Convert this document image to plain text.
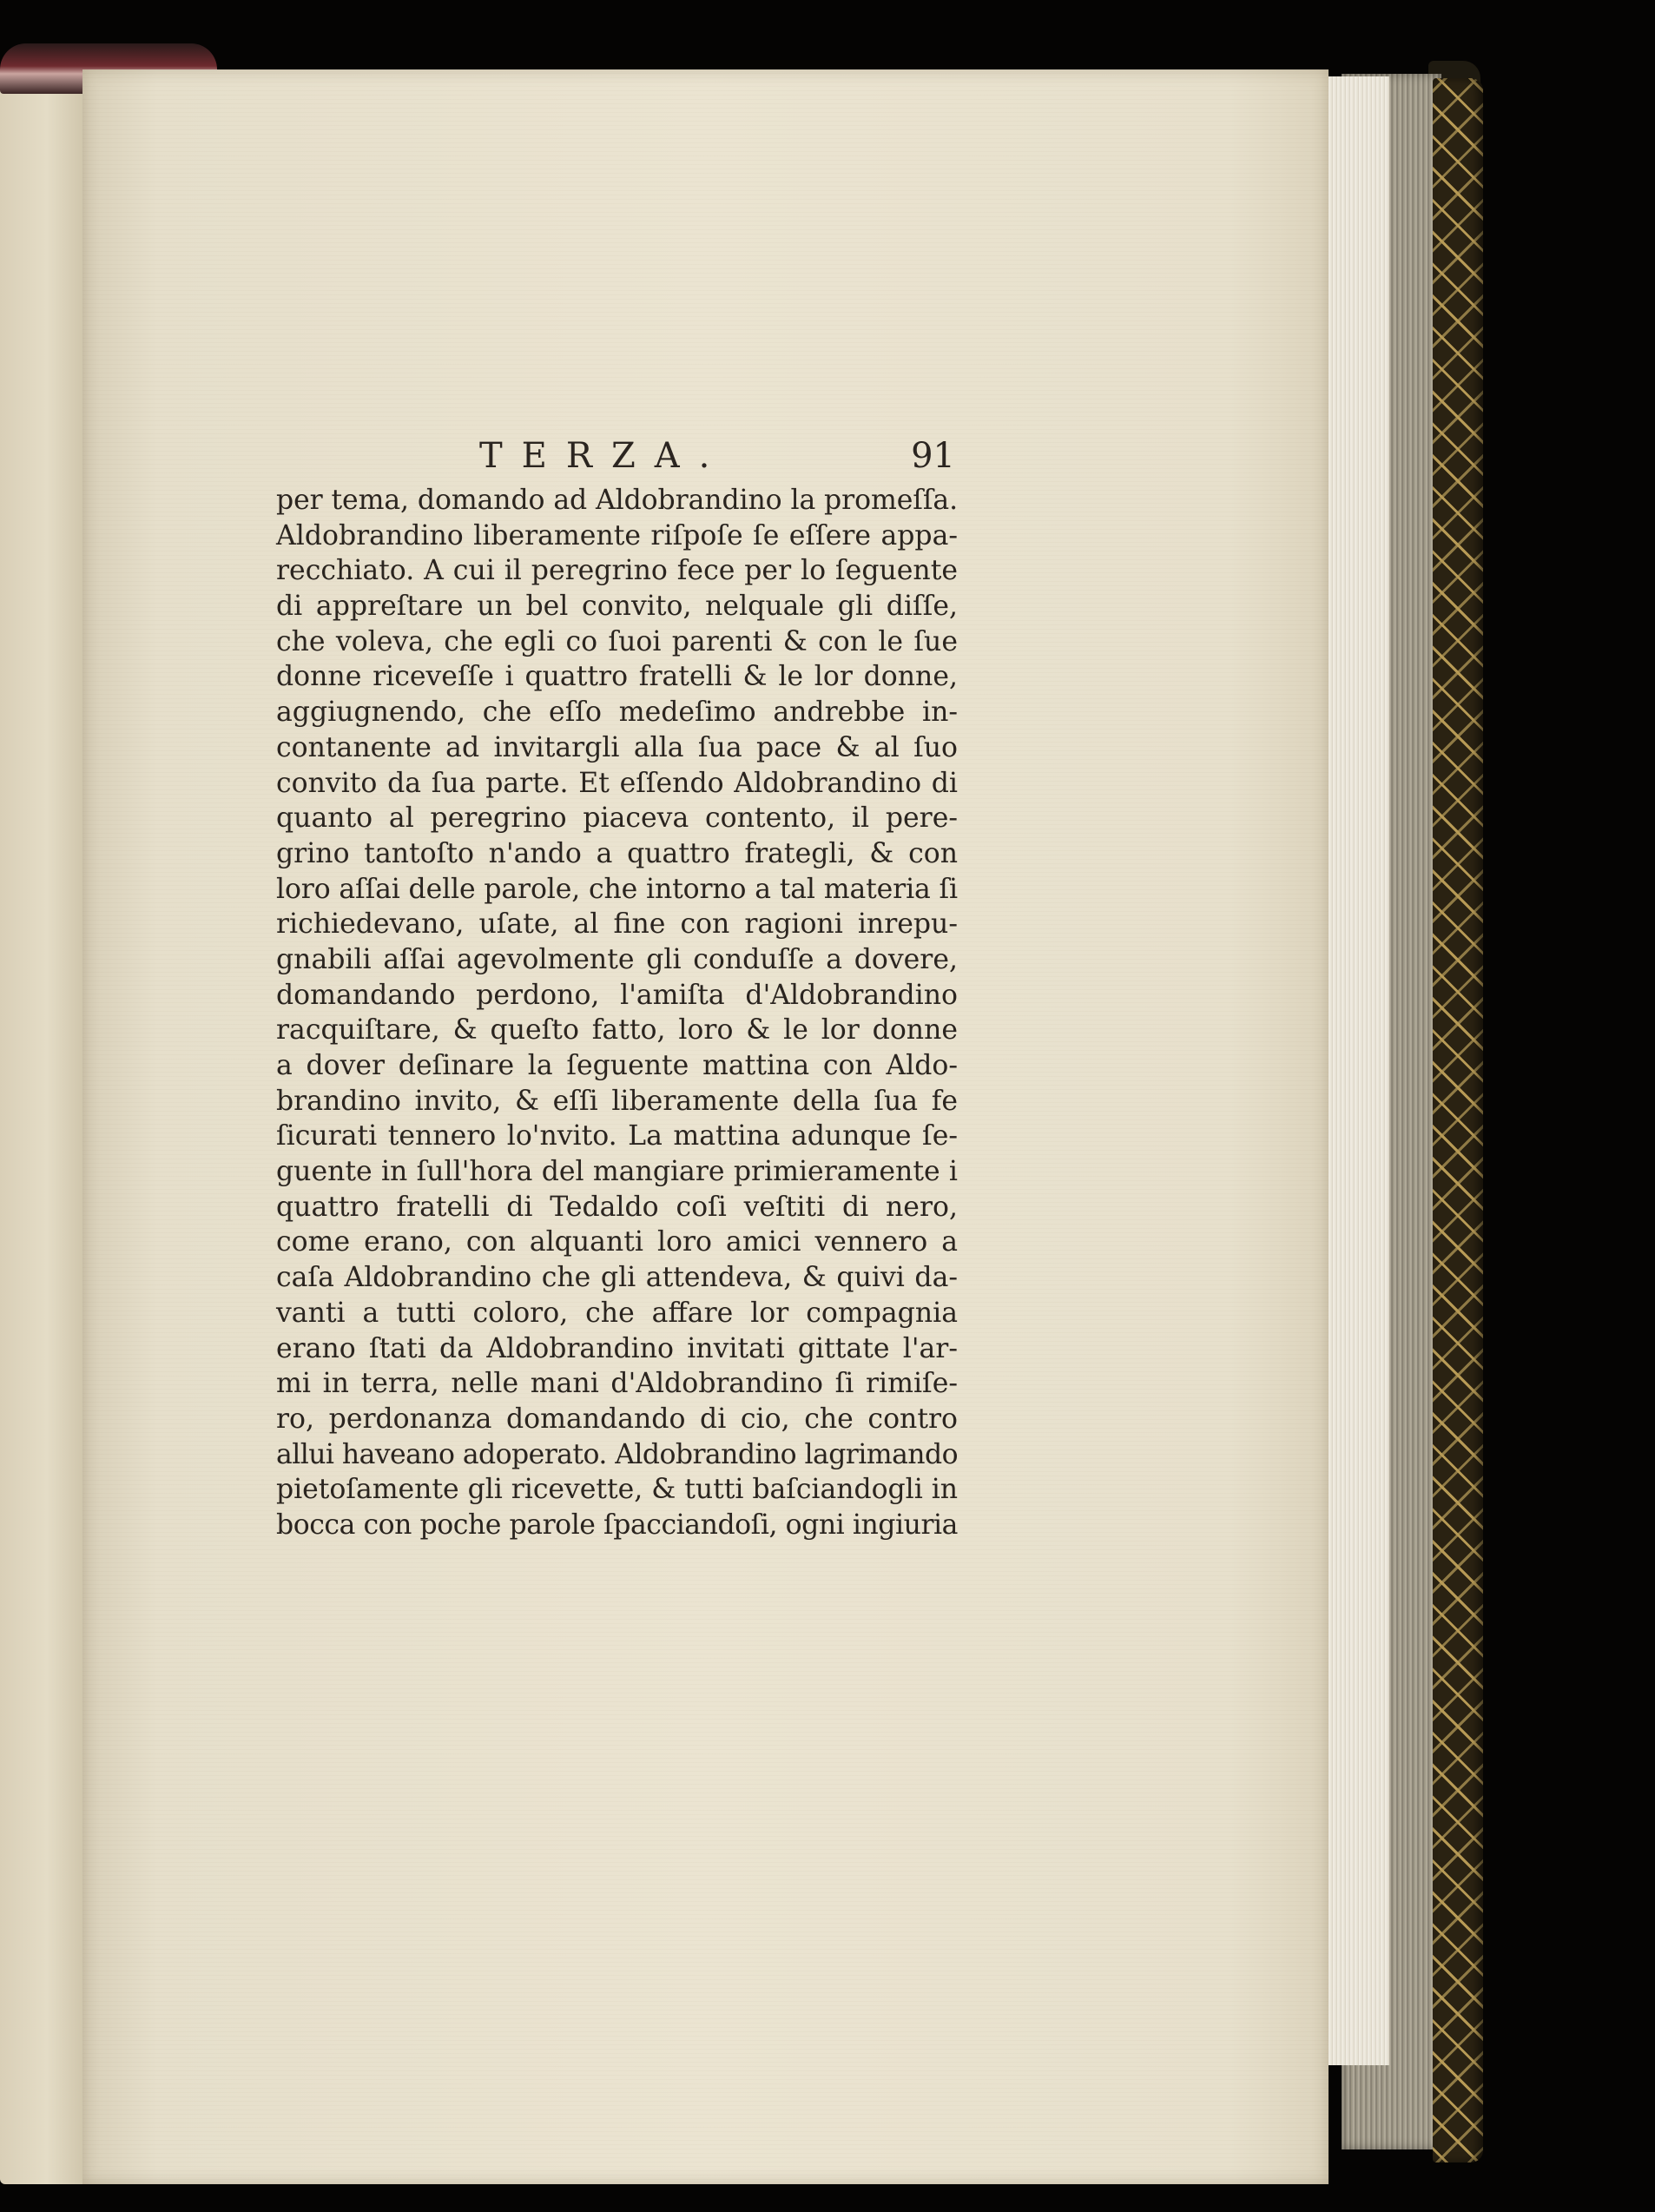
TERZA.	91
per tema, domando ad Aldobrandino la promeſſa.
Aldobrandino liberamente riſpoſe ſe eſſere appa-
recchiato. A cui il peregrino fece per lo ſeguente
di appreſtare un bel convito, nelquale gli diſſe,
che voleva, che egli co ſuoi parenti & con le ſue
donne riceveſſe i quattro fratelli & le lor donne,
aggiugnendo, che eſſo medeſimo andrebbe in-
contanente ad invitargli alla ſua pace & al ſuo
convito da ſua parte. Et eſſendo Aldobrandino di
quanto al peregrino piaceva contento, il pere-
grino tantoſto n'ando a quattro frategli, & con
loro aſſai delle parole, che intorno a tal materia ſi
richiedevano, uſate, al fine con ragioni inrepu-
gnabili aſſai agevolmente gli conduſſe a dovere,
domandando perdono, l'amiſta d'Aldobrandino
racquiſtare, & queſto fatto, loro & le lor donne
a dover deſinare la ſeguente mattina con Aldo-
brandino invito, & eſſi liberamente della ſua fe
ſicurati tennero lo'nvito. La mattina adunque ſe-
guente in ſull'hora del mangiare primieramente i
quattro fratelli di Tedaldo coſi veſtiti di nero,
come erano, con alquanti loro amici vennero a
caſa Aldobrandino che gli attendeva, & quivi da-
vanti a tutti coloro, che affare lor compagnia
erano ſtati da Aldobrandino invitati gittate l'ar-
mi in terra, nelle mani d'Aldobrandino ſi rimiſe-
ro, perdonanza domandando di cio, che contro
allui haveano adoperato. Aldobrandino lagrimando
pietoſamente gli ricevette, & tutti baſciandogli in
bocca con poche parole ſpacciandoſi, ogni ingiuria
